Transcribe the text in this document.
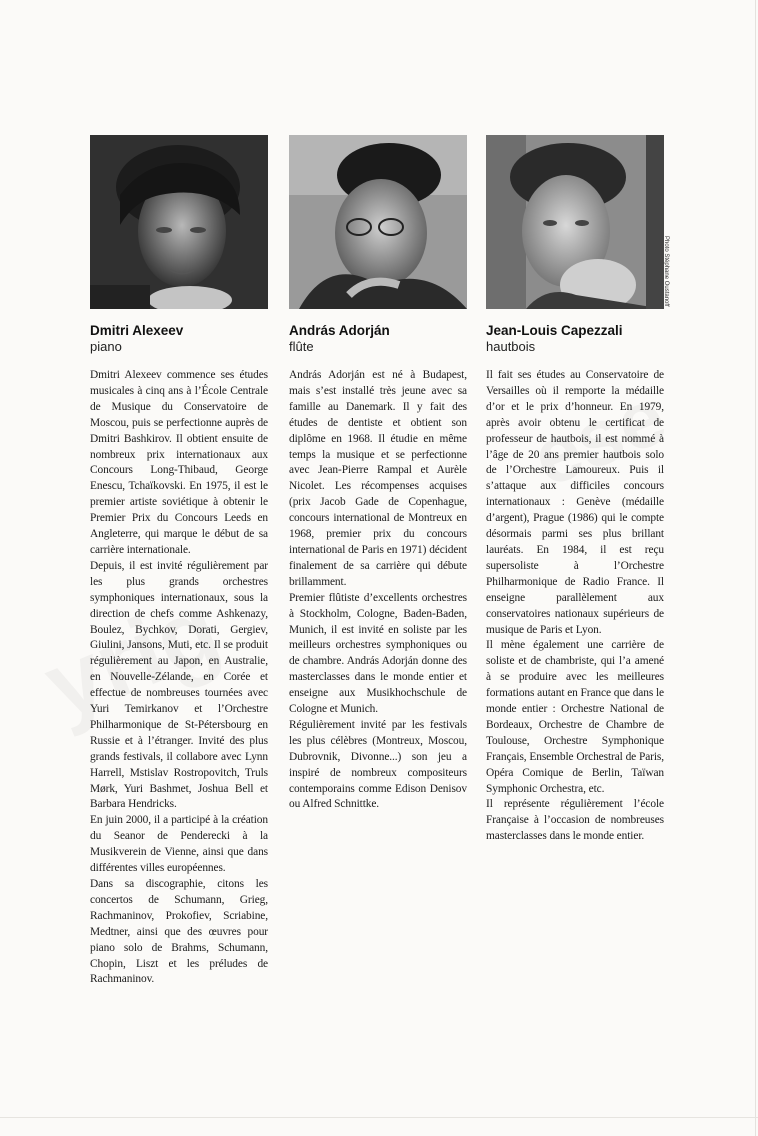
Dmitri Alexeev
piano

Dmitri Alexeev commence ses études musicales à cinq ans à l’École Centrale de Musique du Conservatoire de Moscou, puis se perfectionne auprès de Dmitri Bashkirov. Il obtient ensuite de nombreux prix internationaux aux Concours Long-Thibaud, George Enescu, Tchaïkovski. En 1975, il est le premier artiste soviétique à obtenir le Premier Prix du Concours Leeds en Angleterre, qui marque le début de sa carrière internationale.

Depuis, il est invité régulièrement par les plus grands orchestres symphoniques internationaux, sous la direction de chefs comme Ashkenazy, Boulez, Bychkov, Dorati, Gergiev, Giulini, Jansons, Muti, etc. Il se produit régulièrement au Japon, en Australie, en Nouvelle-Zélande, en Corée et effectue de nombreuses tournées avec Yuri Temirkanov et l’Orchestre Philharmonique de St-Pétersbourg en Russie et à l’étranger. Invité des plus grands festivals, il collabore avec Lynn Harrell, Mstislav Rostropovitch, Truls Mørk, Yuri Bashmet, Joshua Bell et Barbara Hendricks.

En juin 2000, il a participé à la création du Seanor de Penderecki à la Musikverein de Vienne, ainsi que dans différentes villes européennes.

Dans sa discographie, citons les concertos de Schumann, Grieg, Rachmaninov, Prokofiev, Scriabine, Medtner, ainsi que des œuvres pour piano solo de Brahms, Schumann, Chopin, Liszt et les préludes de Rachmaninov.

András Adorján
flûte

András Adorján est né à Budapest, mais s’est installé très jeune avec sa famille au Danemark. Il y fait des études de dentiste et obtient son diplôme en 1968. Il étudie en même temps la musique et se perfectionne avec Jean-Pierre Rampal et Aurèle Nicolet. Les récompenses acquises (prix Jacob Gade de Copenhague, concours international de Montreux en 1968, premier prix du concours international de Paris en 1971) décident finalement de sa carrière qui débute brillamment.

Premier flûtiste d’excellents orchestres à Stockholm, Cologne, Baden-Baden, Munich, il est invité en soliste par les meilleurs orchestres symphoniques ou de chambre. András Adorján donne des masterclasses dans le monde entier et enseigne aux Musikhochschule de Cologne et Munich.

Régulièrement invité par les festivals les plus célèbres (Montreux, Moscou, Dubrovnik, Divonne...) son jeu a inspiré de nombreux compositeurs contemporains comme Edison Denisov ou Alfred Schnittke.

Jean-Louis Capezzali
hautbois

Il fait ses études au Conservatoire de Versailles où il remporte la médaille d’or et le prix d’honneur. En 1979, après avoir obtenu le certificat de professeur de hautbois, il est nommé à l’âge de 20 ans premier hautbois solo de l’Orchestre Lamoureux. Puis il s’attaque aux difficiles concours internationaux : Genève (médaille d’argent), Prague (1986) qui le compte désormais parmi ses plus brillant lauréats. En 1984, il est reçu supersoliste à l’Orchestre Philharmonique de Radio France. Il enseigne parallèlement aux conservatoires nationaux supérieurs de musique de Paris et Lyon.

Il mène également une carrière de soliste et de chambriste, qui l’a amené à se produire avec les meilleures formations autant en France que dans le monde entier : Orchestre National de Bordeaux, Orchestre de Chambre de Toulouse, Orchestre Symphonique Français, Ensemble Orchestral de Paris, Opéra Comique de Berlin, Taïwan Symphonic Orchestra, etc.

Il représente régulièrement l’école Française à l’occasion de nombreuses masterclasses dans le monde entier.

Photo Stéphane Oustanoff
